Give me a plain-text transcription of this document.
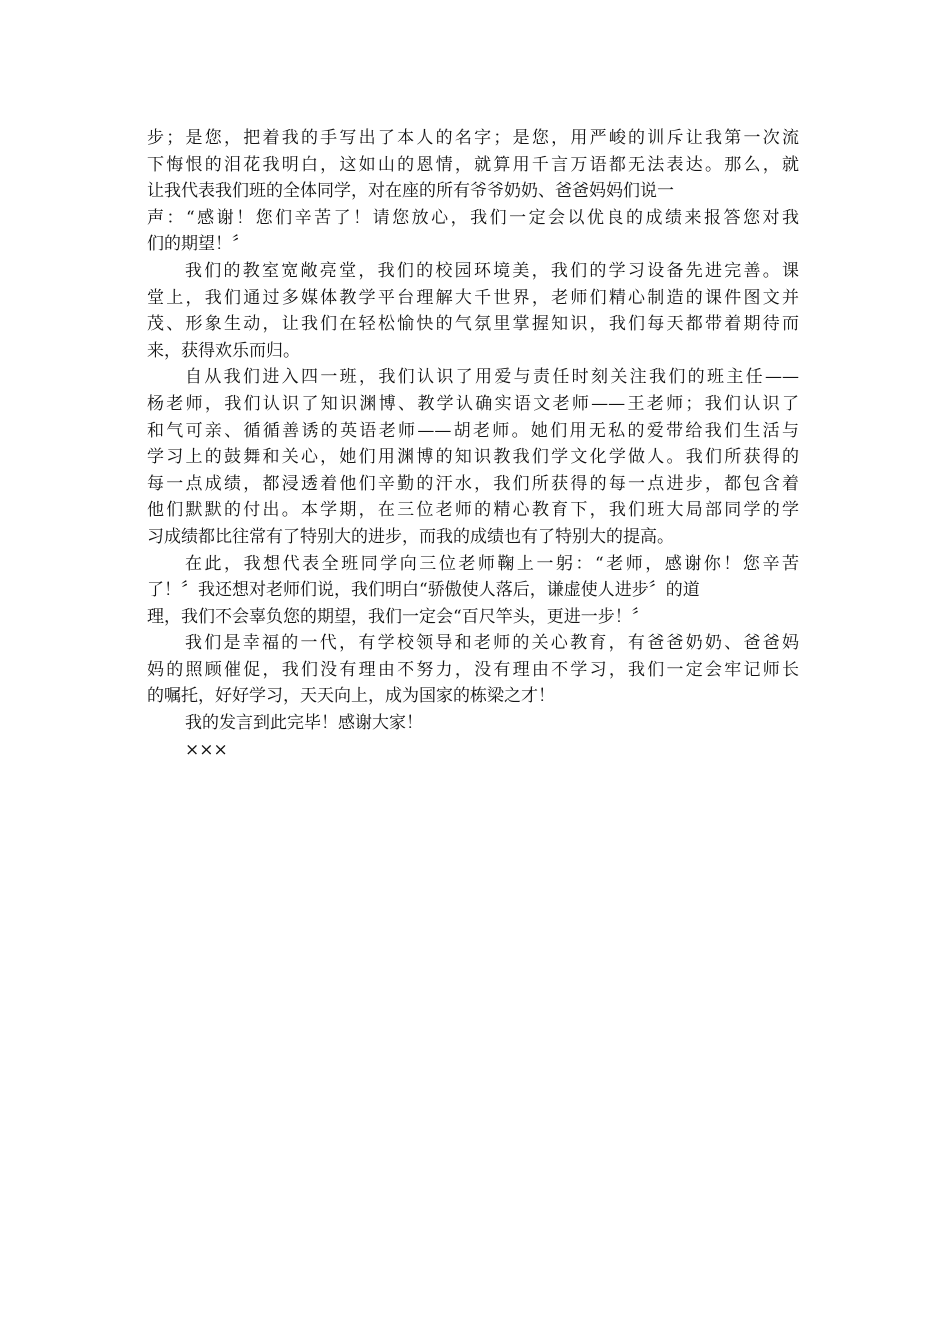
步；是您，把着我的手写出了本人的名字；是您，用严峻的训斥让我第一次流
下悔恨的泪花我明白，这如山的恩情，就算用千言万语都无法表达。那么，就
让我代表我们班的全体同学，对在座的所有爷爷奶奶、爸爸妈妈们说一
声：“感谢！您们辛苦了！请您放心，我们一定会以优良的成绩来报答您对我
们的期望！〞
我们的教室宽敞亮堂，我们的校园环境美，我们的学习设备先进完善。课
堂上，我们通过多媒体教学平台理解大千世界，老师们精心制造的课件图文并
茂、形象生动，让我们在轻松愉快的气氛里掌握知识，我们每天都带着期待而
来，获得欢乐而归。
自从我们进入四一班，我们认识了用爱与责任时刻关注我们的班主任——
杨老师，我们认识了知识渊博、教学认确实语文老师——王老师；我们认识了
和气可亲、循循善诱的英语老师——胡老师。她们用无私的爱带给我们生活与
学习上的鼓舞和关心，她们用渊博的知识教我们学文化学做人。我们所获得的
每一点成绩，都浸透着他们辛勤的汗水，我们所获得的每一点进步，都包含着
他们默默的付出。本学期，在三位老师的精心教育下，我们班大局部同学的学
习成绩都比往常有了特别大的进步，而我的成绩也有了特别大的提高。
在此，我想代表全班同学向三位老师鞠上一躬：“老师，感谢你！您辛苦
了！〞我还想对老师们说，我们明白“骄傲使人落后，谦虚使人进步〞的道
理，我们不会辜负您的期望，我们一定会“百尺竿头，更进一步！〞
我们是幸福的一代，有学校领导和老师的关心教育，有爸爸奶奶、爸爸妈
妈的照顾催促，我们没有理由不努力，没有理由不学习，我们一定会牢记师长
的嘱托，好好学习，天天向上，成为国家的栋梁之才！
我的发言到此完毕！感谢大家！
×××
